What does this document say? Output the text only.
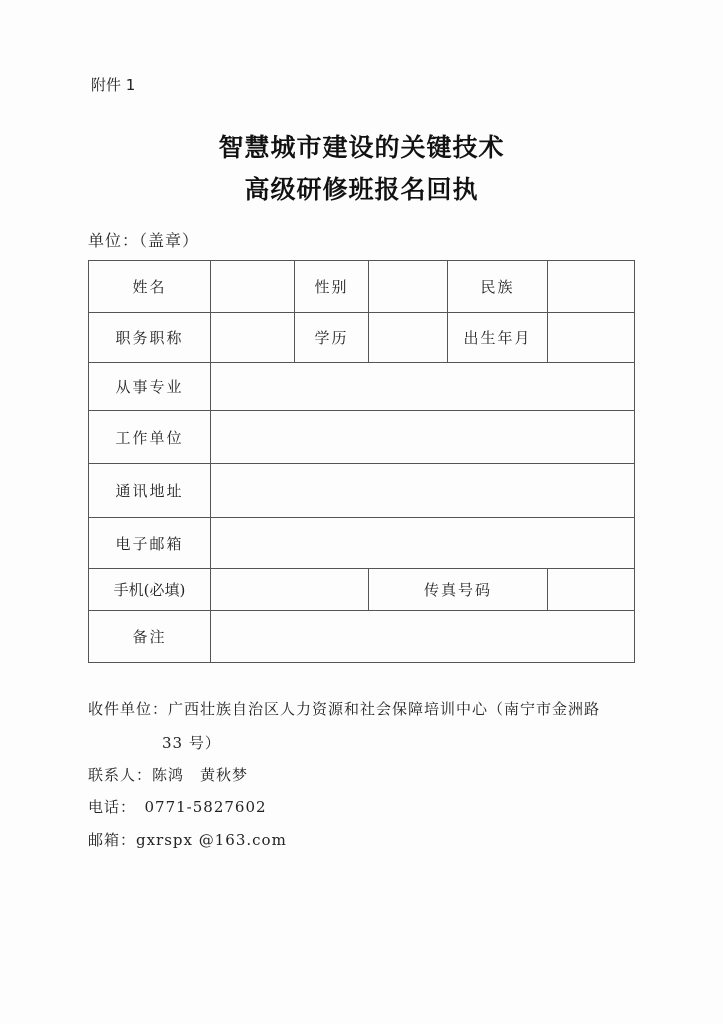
附件 1
智慧城市建设的关键技术
高级研修班报名回执
单位：（盖章）
姓名		性别		民族	
职务职称		学历		出生年月	
从事专业					
工作单位					
通讯地址					
电子邮箱					
手机(必填)			传真号码		
备注					
收件单位：广西壮族自治区人力资源和社会保障培训中心（南宁市金洲路
33 号）
联系人：陈鸿　黄秋梦
电话：　0771-5827602
邮箱：gxrspx @163.com
